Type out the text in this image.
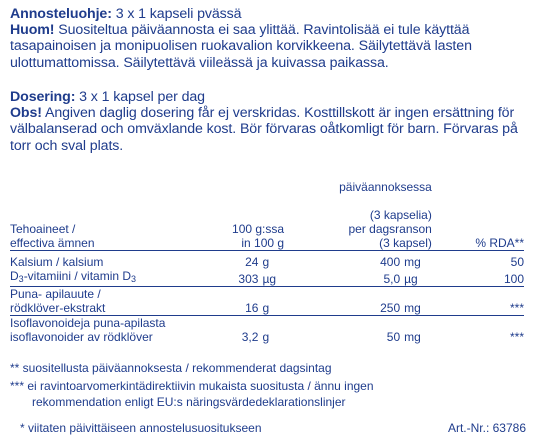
Annosteluohje: 3 x 1 kapseli pvässä
Huom! Suositeltua päiväannosta ei saa ylittää. Ravintolisää ei tule käyttää tasapainoisen ja monipuolisen ruokavalion korvikkeena. Säilytettävä lasten ulottumattomissa. Säilytettävä viileässä ja kuivassa paikassa.
Dosering: 3 x 1 kapsel per dag
Obs! Angiven daglig dosering får ej verskridas. Kosttillskott är ingen ersättning för välbalanserad och omväxlande kost. Bör förvaras oåtkomligt för barn. Förvaras på torr och sval plats.
Tehoaineet /
effectiva ämnen	100 g:ssa
in 100 g		päiväannoksessa
(3 kapselia)
per dagsranson
(3 kapsel)		% RDA**

Kalsium / kalsium	24	g	400	mg	50
$D_3$-vitamiini / vitamin $D_3$	303	µg	5,0	µg	100

Puna- apilauute /
rödklöver-ekstrakt	16	g	250	mg	***

Isoflavonoideja puna-apilasta
isoflavonoider av rödklöver	3,2	g	50	mg	***
** suositellusta päiväannoksesta / rekommenderat dagsintag
*** ei ravintoarvomerkintädirektiivin mukaista suositusta / ännu ingen
rekommendation enligt EU:s näringsvärdedeklarationslinjer
* viitaten päivittäiseen annostelusuositukseen	Art.-Nr.: 63786
